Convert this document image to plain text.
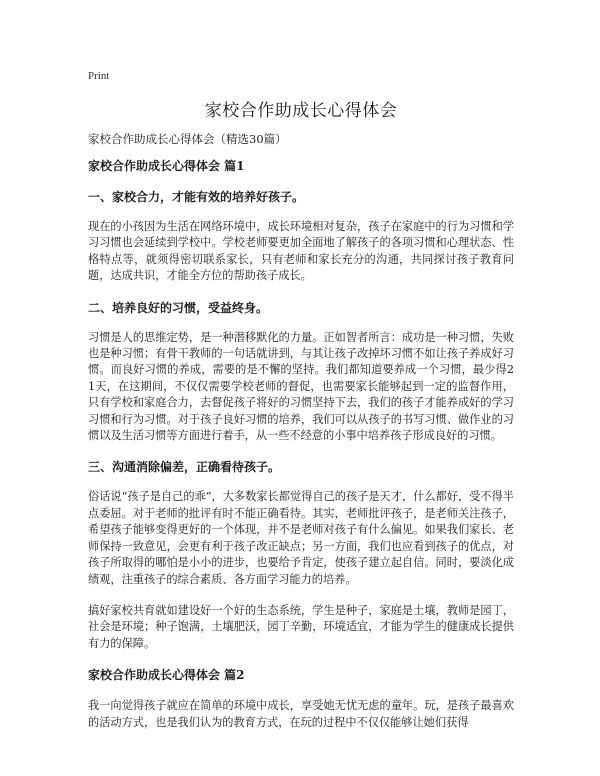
Print
家校合作助成长心得体会

家校合作助成长心得体会（精选30篇）

家校合作助成长心得体会 篇1
一、家校合力，才能有效的培养好孩子。

现在的小孩因为生活在网络环境中，成长环境相对复杂，孩子在家庭中的行为习惯和学习习惯也会延续到学校中。学校老师要更加全面地了解孩子的各项习惯和心理状态、性格特点等，就须得密切联系家长，只有老师和家长充分的沟通，共同探讨孩子教育问题，达成共识，才能全方位的帮助孩子成长。

二、培养良好的习惯，受益终身。

习惯是人的思维定势，是一种潜移默化的力量。正如智者所言：成功是一种习惯，失败也是种习惯；有骨干教师的一句话就讲到，与其让孩子改掉坏习惯不如让孩子养成好习惯。而良好习惯的养成，需要的是不懈的坚持。我们都知道要养成一个习惯，最少得21天，在这期间，不仅仅需要学校老师的督促，也需要家长能够起到一定的监督作用，只有学校和家庭合力，去督促孩子将好的习惯坚持下去，我们的孩子才能养成好的学习习惯和行为习惯。对于孩子良好习惯的培养，我们可以从孩子的书写习惯、做作业的习惯以及生活习惯等方面进行着手，从一些不经意的小事中培养孩子形成良好的习惯。

三、沟通消除偏差，正确看待孩子。

俗话说“孩子是自己的乖”，大多数家长都觉得自己的孩子是天才，什么都好，受不得半点委屈。对于老师的批评有时不能正确看待。其实，老师批评孩子，是老师关注孩子，希望孩子能够变得更好的一个体现，并不是老师对孩子有什么偏见。如果我们家长、老师保持一致意见，会更有利于孩子改正缺点；另一方面，我们也应看到孩子的优点，对孩子所取得的哪怕是小小的进步，也要给予肯定，使孩子建立起自信。同时，要淡化成绩观，注重孩子的综合素质、各方面学习能力的培养。

搞好家校共育就如建设好一个好的生态系统，学生是种子，家庭是土壤，教师是园丁，社会是环境；种子饱满，土壤肥沃，园丁辛勤，环境适宜，才能为学生的健康成长提供有力的保障。

家校合作助成长心得体会 篇2

我一向觉得孩子就应在简单的环境中成长，享受她无忧无虑的童年。玩，是孩子最喜欢的活动方式，也是我们认为的教育方式，在玩的过程中不仅仅能够让她们获得
